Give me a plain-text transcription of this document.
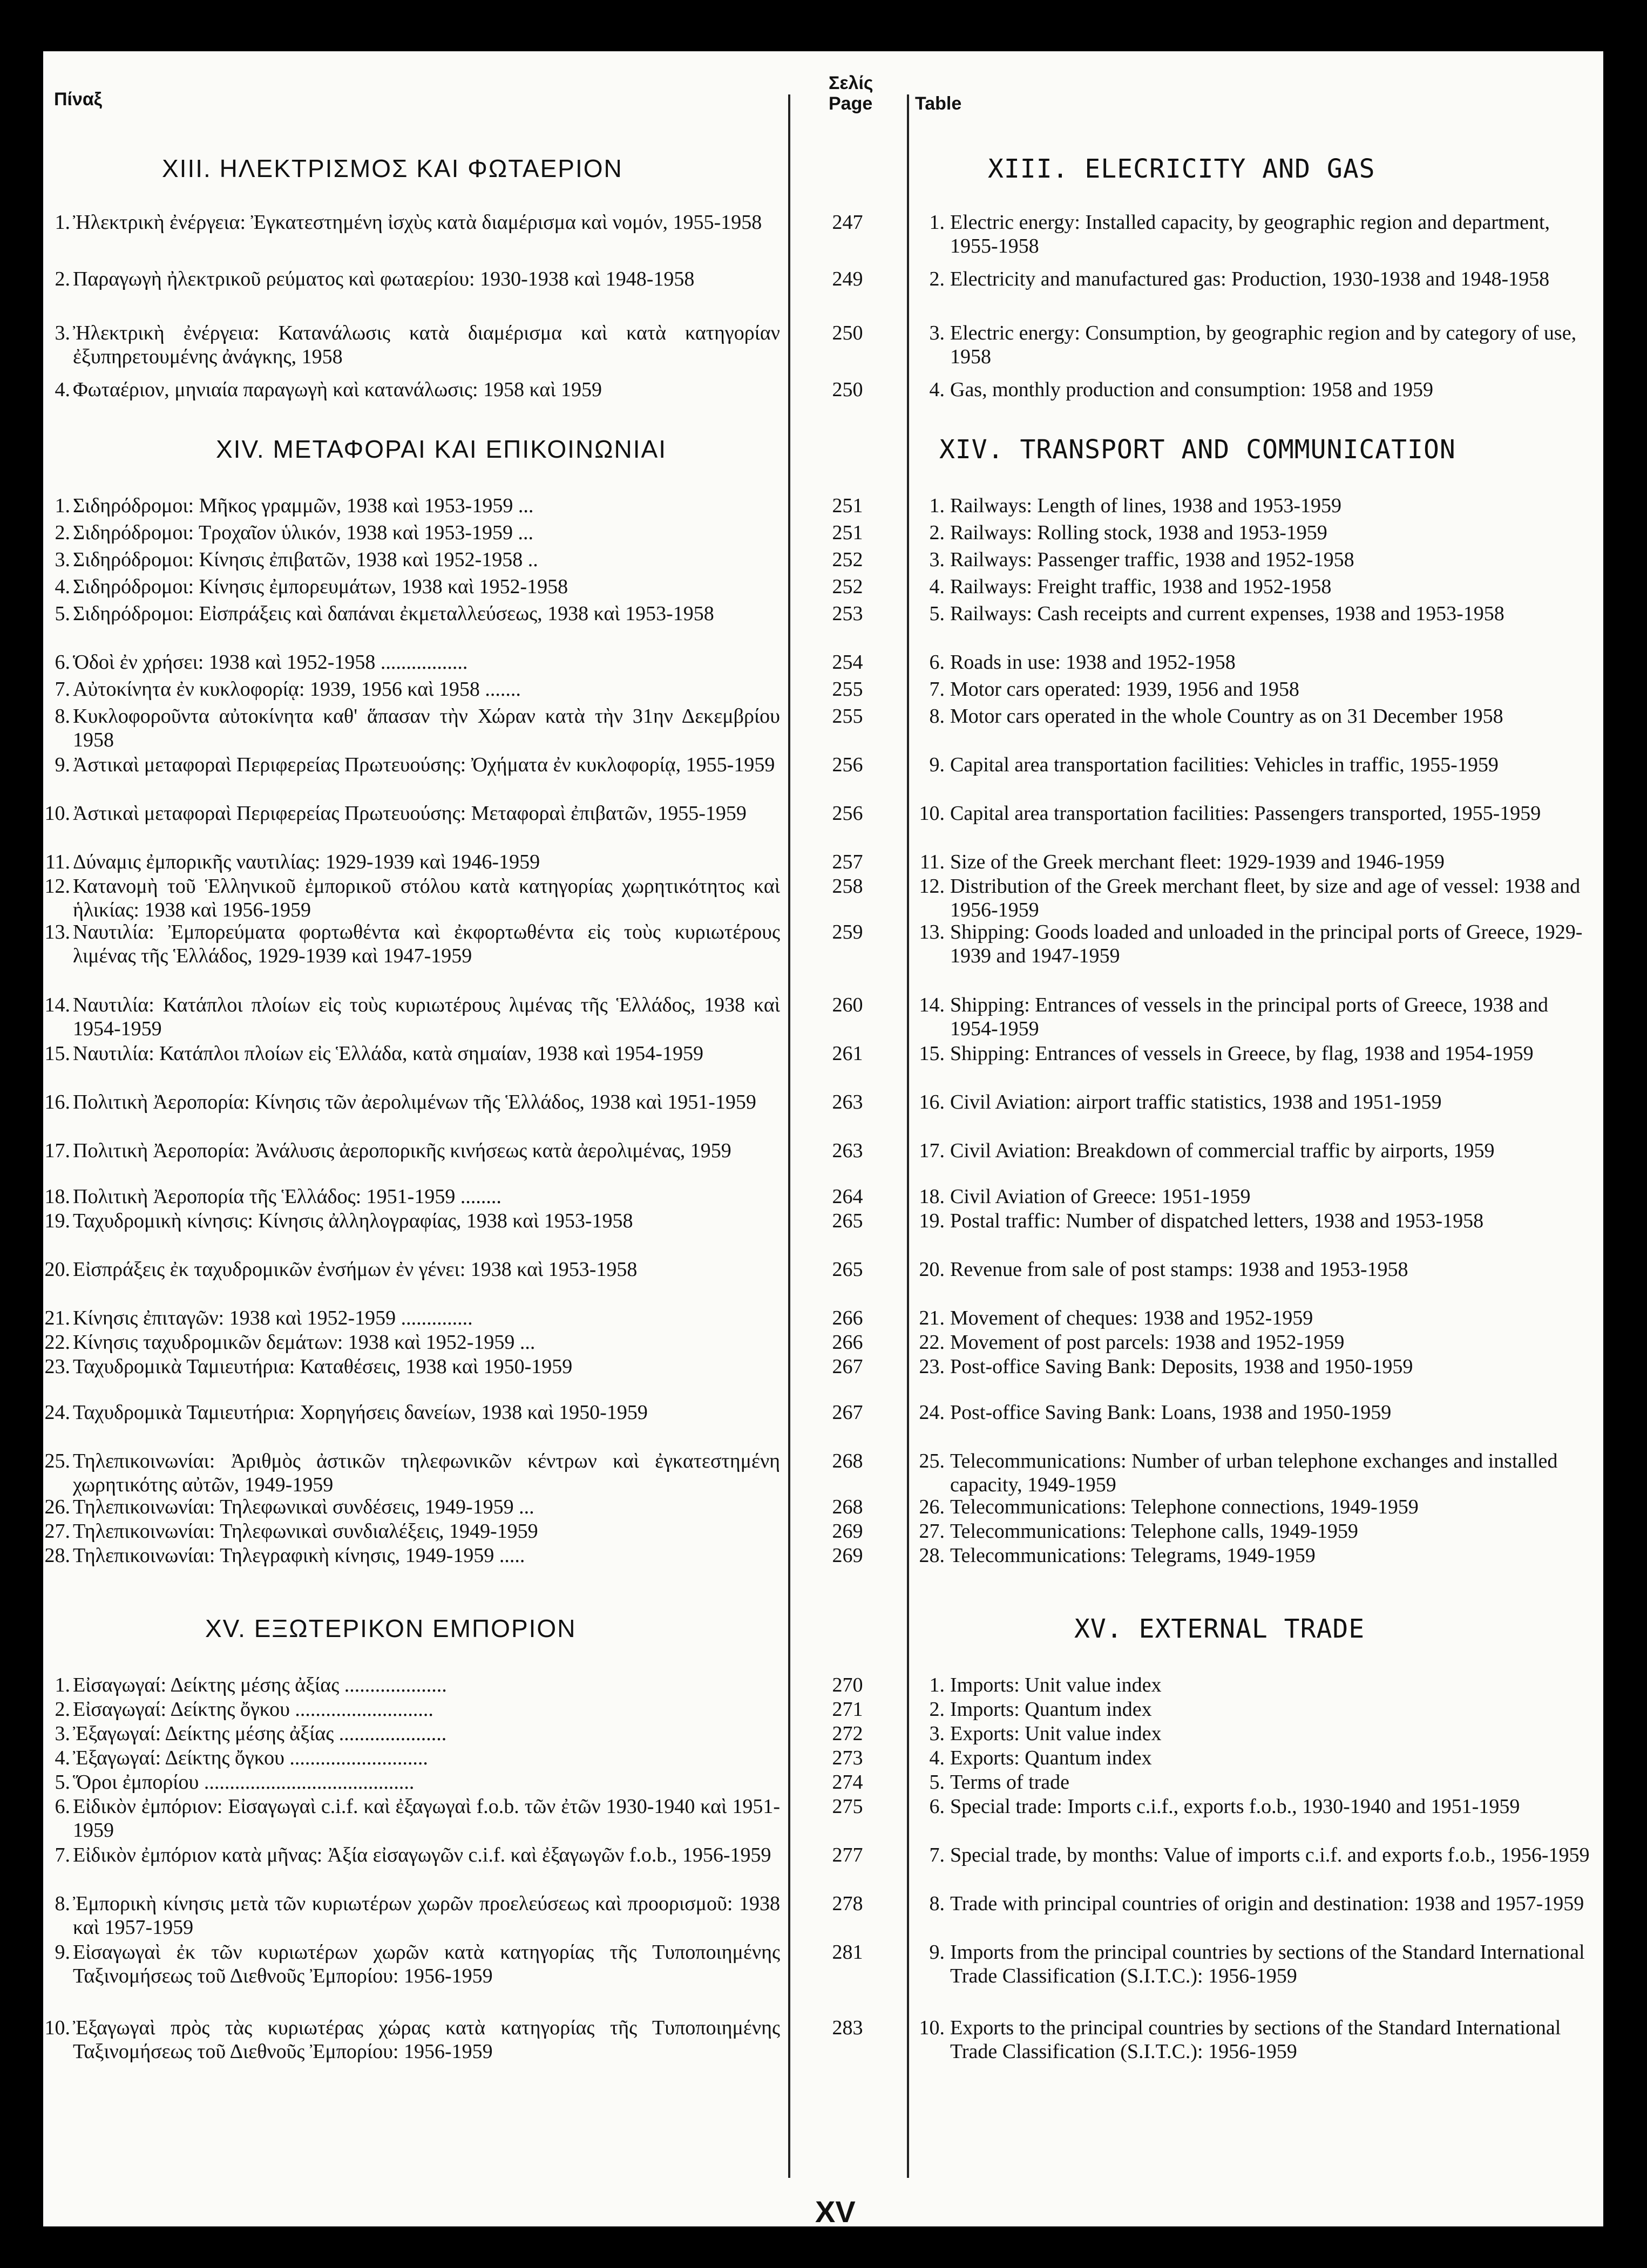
Πίναξ
XIII. ΗΛΕΚΤΡΙΣΜΟΣ ΚΑΙ ΦΩΤΑΕΡΙΟΝ
1. Ἠλεκτρικὴ ἐνέργεια: Ἐγκατεστημένη ἰσχὺς κατὰ διαμέρισμα καὶ νομόν, 1955-1958
2. Παραγωγὴ ἠλεκτρικοῦ ρεύματος καὶ φωταερίου: 1930-1938 καὶ 1948-1958
3. Ἠλεκτρικὴ ἐνέργεια: Κατανάλωσις κατὰ διαμέρισμα καὶ κατὰ κατηγορίαν ἐξυπηρετουμένης ἀνάγκης, 1958
4. Φωταέριον, μηνιαία παραγωγὴ καὶ κατανάλωσις: 1958 καὶ 1959
XIV. ΜΕΤΑΦΟΡΑΙ ΚΑΙ ΕΠΙΚΟΙΝΩΝΙΑΙ
1. Σιδηρόδρομοι: Μῆκος γραμμῶν, 1938 καὶ 1953-1959 ...
2. Σιδηρόδρομοι: Τροχαῖον ὑλικόν, 1938 καὶ 1953-1959 ...
3. Σιδηρόδρομοι: Κίνησις ἐπιβατῶν, 1938 καὶ 1952-1958 ..
4. Σιδηρόδρομοι: Κίνησις ἐμπορευμάτων, 1938 καὶ 1952-1958
5. Σιδηρόδρομοι: Εἰσπράξεις καὶ δαπάναι ἐκμεταλλεύσεως, 1938 καὶ 1953-1958
6. Ὁδοὶ ἐν χρήσει: 1938 καὶ 1952-1958 .................
7. Αὐτοκίνητα ἐν κυκλοφορίᾳ: 1939, 1956 καὶ 1958 .......
8. Κυκλοφοροῦντα αὐτοκίνητα καθ' ἅπασαν τὴν Χώραν κατὰ τὴν 31ην Δεκεμβρίου 1958
9. Ἀστικαὶ μεταφοραὶ Περιφερείας Πρωτευούσης: Ὀχήματα ἐν κυκλοφορίᾳ, 1955-1959
10. Ἀστικαὶ μεταφοραὶ Περιφερείας Πρωτευούσης: Μεταφοραὶ ἐπιβατῶν, 1955-1959
11. Δύναμις ἐμπορικῆς ναυτιλίας: 1929-1939 καὶ 1946-1959
12. Κατανομὴ τοῦ Ἑλληνικοῦ ἐμπορικοῦ στόλου κατὰ κατηγορίας χωρητικότητος καὶ ἡλικίας: 1938 καὶ 1956-1959
13. Ναυτιλία: Ἐμπορεύματα φορτωθέντα καὶ ἐκφορτωθέντα εἰς τοὺς κυριωτέρους λιμένας τῆς Ἑλλάδος, 1929-1939 καὶ 1947-1959
14. Ναυτιλία: Κατάπλοι πλοίων εἰς τοὺς κυριωτέρους λιμένας τῆς Ἑλλάδος, 1938 καὶ 1954-1959
15. Ναυτιλία: Κατάπλοι πλοίων εἰς Ἑλλάδα, κατὰ σημαίαν, 1938 καὶ 1954-1959
16. Πολιτικὴ Ἀεροπορία: Κίνησις τῶν ἀερολιμένων τῆς Ἑλλάδος, 1938 καὶ 1951-1959
17. Πολιτικὴ Ἀεροπορία: Ἀνάλυσις ἀεροπορικῆς κινήσεως κατὰ ἀερολιμένας, 1959
18. Πολιτικὴ Ἀεροπορία τῆς Ἑλλάδος: 1951-1959 ........
19. Ταχυδρομικὴ κίνησις: Κίνησις ἀλληλογραφίας, 1938 καὶ 1953-1958
20. Εἰσπράξεις ἐκ ταχυδρομικῶν ἐνσήμων ἐν γένει: 1938 καὶ 1953-1958
21. Κίνησις ἐπιταγῶν: 1938 καὶ 1952-1959 ..............
22. Κίνησις ταχυδρομικῶν δεμάτων: 1938 καὶ 1952-1959 ...
23. Ταχυδρομικὰ Ταμιευτήρια: Καταθέσεις, 1938 καὶ 1950-1959
24. Ταχυδρομικὰ Ταμιευτήρια: Χορηγήσεις δανείων, 1938 καὶ 1950-1959
25. Τηλεπικοινωνίαι: Ἀριθμὸς ἀστικῶν τηλεφωνικῶν κέντρων καὶ ἐγκατεστημένη χωρητικότης αὐτῶν, 1949-1959
26. Τηλεπικοινωνίαι: Τηλεφωνικαὶ συνδέσεις, 1949-1959 ...
27. Τηλεπικοινωνίαι: Τηλεφωνικαὶ συνδιαλέξεις, 1949-1959
28. Τηλεπικοινωνίαι: Τηλεγραφικὴ κίνησις, 1949-1959 .....
XV. ΕΞΩΤΕΡΙΚΟΝ ΕΜΠΟΡΙΟΝ
1. Εἰσαγωγαί: Δείκτης μέσης ἀξίας ....................
2. Εἰσαγωγαί: Δείκτης ὄγκου ...........................
3. Ἐξαγωγαί: Δείκτης μέσης ἀξίας .....................
4. Ἐξαγωγαί: Δείκτης ὄγκου ...........................
5. Ὅροι ἐμπορίου .........................................
6. Εἰδικὸν ἐμπόριον: Εἰσαγωγαὶ c.i.f. καὶ ἐξαγωγαὶ f.o.b. τῶν ἐτῶν 1930-1940 καὶ 1951-1959
7. Εἰδικὸν ἐμπόριον κατὰ μῆνας: Ἀξία εἰσαγωγῶν c.i.f. καὶ ἐξαγωγῶν f.o.b., 1956-1959
8. Ἐμπορικὴ κίνησις μετὰ τῶν κυριωτέρων χωρῶν προελεύσεως καὶ προορισμοῦ: 1938 καὶ 1957-1959
9. Εἰσαγωγαὶ ἐκ τῶν κυριωτέρων χωρῶν κατὰ κατηγορίας τῆς Τυποποιημένης Ταξινομήσεως τοῦ Διεθνοῦς Ἐμπορίου: 1956-1959
10. Ἐξαγωγαὶ πρὸς τὰς κυριωτέρας χώρας κατὰ κατηγορίας τῆς Τυποποιημένης Ταξινομήσεως τοῦ Διεθνοῦς Ἐμπορίου: 1956-1959
Σελίς
Page
247
249
250
250
251
251
252
252
253
254
255
255
256
256
257
258
259
260
261
263
263
264
265
265
266
266
267
267
268
268
269
269
270
271
272
273
274
275
277
278
281
283
Table
XIII. ELECRICITY AND GAS
1. Electric energy: Installed capacity, by geographic region and department, 1955-1958
2. Electricity and manufactured gas: Production, 1930-1938 and 1948-1958
3. Electric energy: Consumption, by geographic region and by category of use, 1958
4. Gas, monthly production and consumption: 1958 and 1959
XIV. TRANSPORT AND COMMUNICATION
1. Railways: Length of lines, 1938 and 1953-1959
2. Railways: Rolling stock, 1938 and 1953-1959
3. Railways: Passenger traffic, 1938 and 1952-1958
4. Railways: Freight traffic, 1938 and 1952-1958
5. Railways: Cash receipts and current expenses, 1938 and 1953-1958
6. Roads in use: 1938 and 1952-1958
7. Motor cars operated: 1939, 1956 and 1958
8. Motor cars operated in the whole Country as on 31 December 1958
9. Capital area transportation facilities: Vehicles in traffic, 1955-1959
10. Capital area transportation facilities: Passengers transported, 1955-1959
11. Size of the Greek merchant fleet: 1929-1939 and 1946-1959
12. Distribution of the Greek merchant fleet, by size and age of vessel: 1938 and 1956-1959
13. Shipping: Goods loaded and unloaded in the principal ports of Greece, 1929-1939 and 1947-1959
14. Shipping: Entrances of vessels in the principal ports of Greece, 1938 and 1954-1959
15. Shipping: Entrances of vessels in Greece, by flag, 1938 and 1954-1959
16. Civil Aviation: airport traffic statistics, 1938 and 1951-1959
17. Civil Aviation: Breakdown of commercial traffic by airports, 1959
18. Civil Aviation of Greece: 1951-1959
19. Postal traffic: Number of dispatched letters, 1938 and 1953-1958
20. Revenue from sale of post stamps: 1938 and 1953-1958
21. Movement of cheques: 1938 and 1952-1959
22. Movement of post parcels: 1938 and 1952-1959
23. Post-office Saving Bank: Deposits, 1938 and 1950-1959
24. Post-office Saving Bank: Loans, 1938 and 1950-1959
25. Telecommunications: Number of urban telephone exchanges and installed capacity, 1949-1959
26. Telecommunications: Telephone connections, 1949-1959
27. Telecommunications: Telephone calls, 1949-1959
28. Telecommunications: Telegrams, 1949-1959
XV. EXTERNAL TRADE
1. Imports: Unit value index
2. Imports: Quantum index
3. Exports: Unit value index
4. Exports: Quantum index
5. Terms of trade
6. Special trade: Imports c.i.f., exports f.o.b., 1930-1940 and 1951-1959
7. Special trade, by months: Value of imports c.i.f. and exports f.o.b., 1956-1959
8. Trade with principal countries of origin and destination: 1938 and 1957-1959
9. Imports from the principal countries by sections of the Standard International Trade Classification (S.I.T.C.): 1956-1959
10. Exports to the principal countries by sections of the Standard International Trade Classification (S.I.T.C.): 1956-1959
XV
